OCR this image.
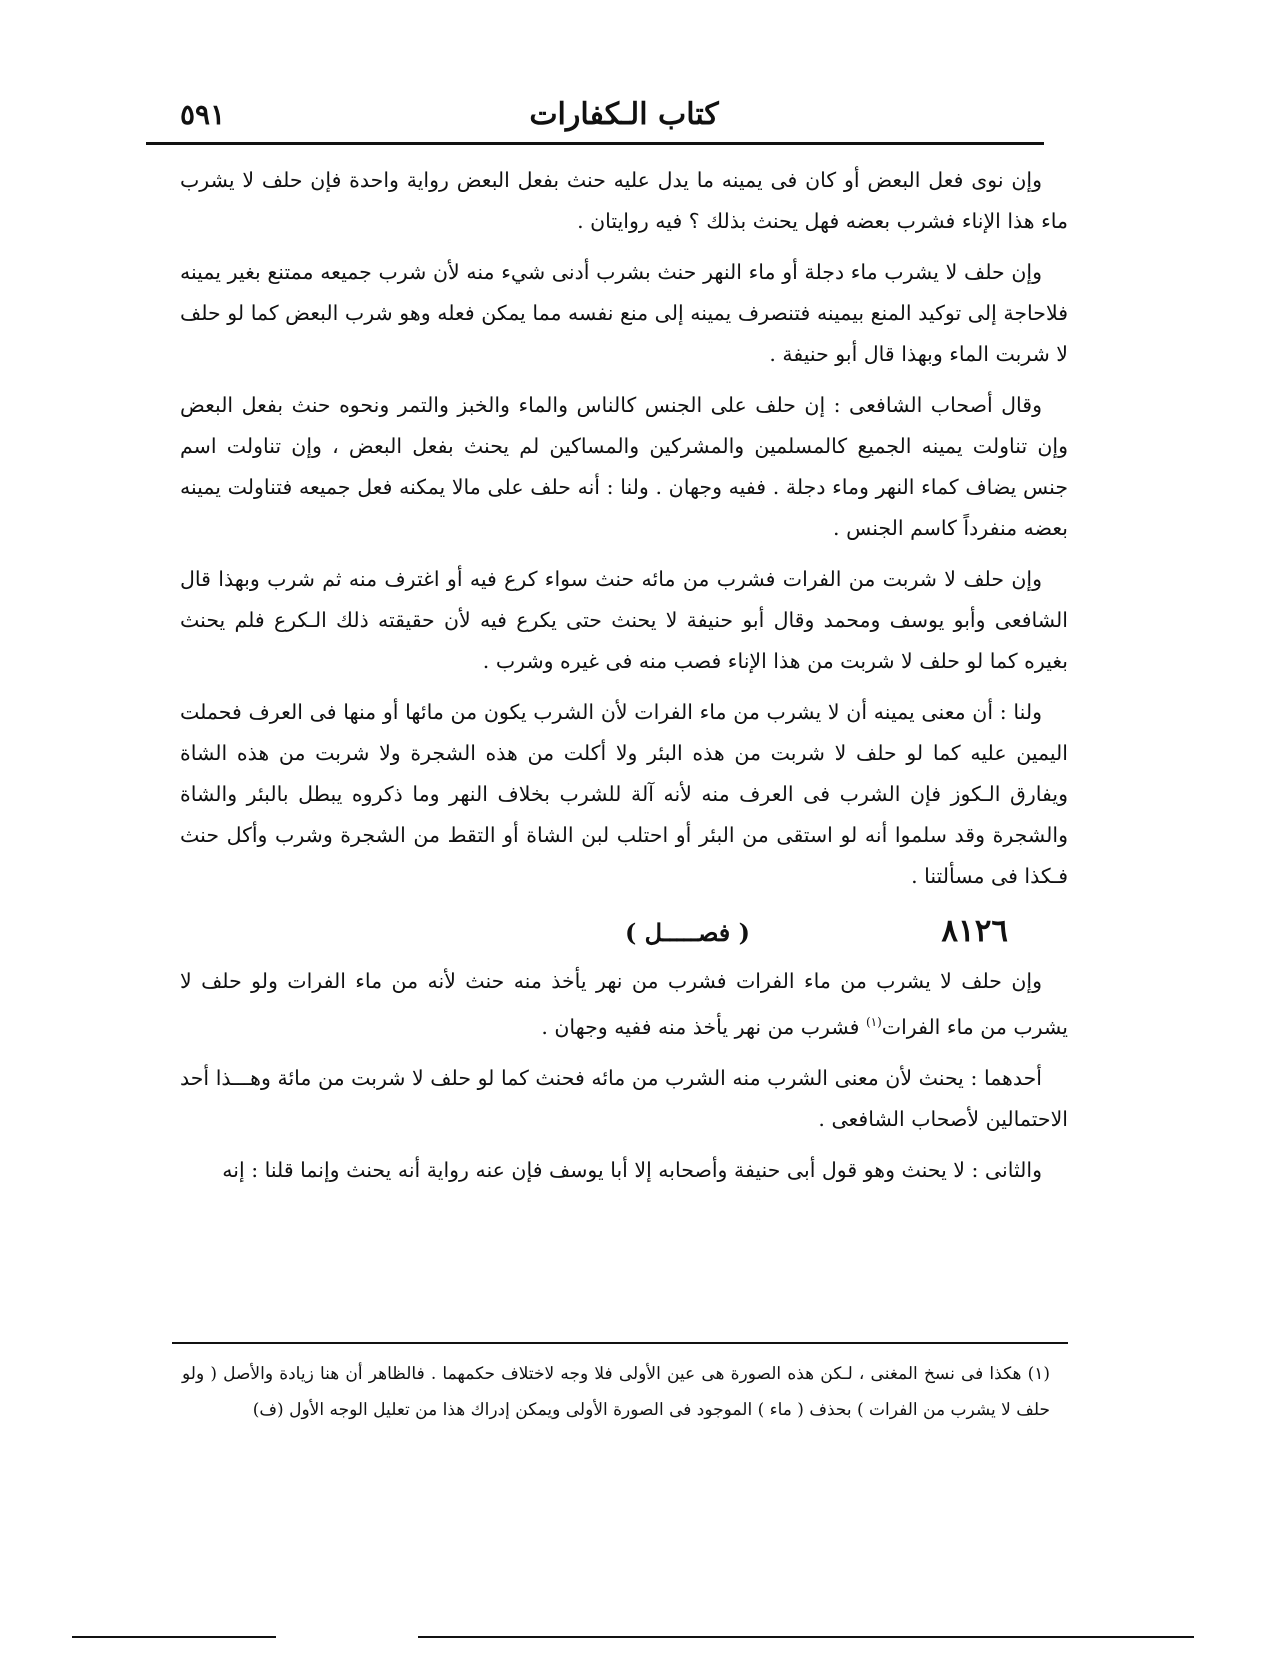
كتاب الـكفارات
٥٩١

وإن نوى فعل البعض أو كان فى يمينه ما يدل عليه حنث بفعل البعض رواية واحدة فإن حلف لا يشرب ماء هذا الإناء فشرب بعضه فهل يحنث بذلك ؟ فيه روايتان .

وإن حلف لا يشرب ماء دجلة أو ماء النهر حنث بشرب أدنى شيء منه لأن شرب جميعه ممتنع بغير يمينه فلاحاجة إلى توكيد المنع بيمينه فتنصرف يمينه إلى منع نفسه مما يمكن فعله وهو شرب البعض كما لو حلف لا شربت الماء وبهذا قال أبو حنيفة .

وقال أصحاب الشافعى : إن حلف على الجنس كالناس والماء والخبز والتمر ونحوه حنث بفعل البعض وإن تناولت يمينه الجميع كالمسلمين والمشركين والمساكين لم يحنث بفعل البعض ، وإن تناولت اسم جنس يضاف كماء النهر وماء دجلة . ففيه وجهان . ولنا : أنه حلف على مالا يمكنه فعل جميعه فتناولت يمينه بعضه منفرداً كاسم الجنس .

وإن حلف لا شربت من الفرات فشرب من مائه حنث سواء كرع فيه أو اغترف منه ثم شرب وبهذا قال الشافعى وأبو يوسف ومحمد وقال أبو حنيفة لا يحنث حتى يكرع فيه لأن حقيقته ذلك الـكرع فلم يحنث بغيره كما لو حلف لا شربت من هذا الإناء فصب منه فى غيره وشرب .

ولنا : أن معنى يمينه أن لا يشرب من ماء الفرات لأن الشرب يكون من مائها أو منها فى العرف فحملت اليمين عليه كما لو حلف لا شربت من هذه البئر ولا أكلت من هذه الشجرة ولا شربت من هذه الشاة ويفارق الـكوز فإن الشرب فى العرف منه لأنه آلة للشرب بخلاف النهر وما ذكروه يبطل بالبئر والشاة والشجرة وقد سلموا أنه لو استقى من البئر أو احتلب لبن الشاة أو التقط من الشجرة وشرب وأكل حنث فـكذا فى مسألتنا .

( فصـــــل )	٨١٢٦

وإن حلف لا يشرب من ماء الفرات فشرب من نهر يأخذ منه حنث لأنه من ماء الفرات ولو حلف لا يشرب من ماء الفرات$^{(١)}$ فشرب من نهر يأخذ منه ففيه وجهان .

أحدهما : يحنث لأن معنى الشرب منه الشرب من مائه فحنث كما لو حلف لا شربت من مائة وهـــذا أحد الاحتمالين لأصحاب الشافعى .

والثانى : لا يحنث وهو قول أبى حنيفة وأصحابه إلا أبا يوسف فإن عنه رواية أنه يحنث وإنما قلنا : إنه

(١) هكذا فى نسخ المغنى ، لـكن هذه الصورة هى عين الأولى فلا وجه لاختلاف حكمهما . فالظاهر أن هنا زيادة والأصل ( ولو حلف لا يشرب من الفرات ) بحذف ( ماء ) الموجود فى الصورة الأولى ويمكن إدراك هذا من تعليل الوجه الأول (ف)
